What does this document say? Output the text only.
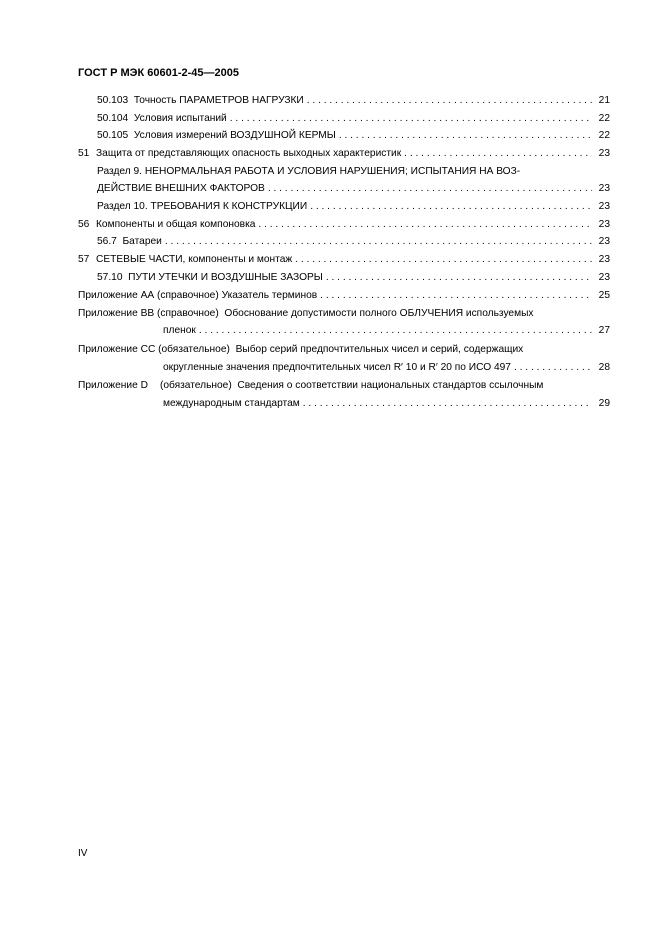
ГОСТ Р МЭК 60601-2-45—2005
50.103 Точность ПАРАМЕТРОВ НАГРУЗКИ . . .	21
50.104 Условия испытаний . . .	22
50.105 Условия измерений ВОЗДУШНОЙ КЕРМЫ . . .	22
51 Защита от представляющих опасность выходных характеристик . . .	23
Раздел 9. НЕНОРМАЛЬНАЯ РАБОТА И УСЛОВИЯ НАРУШЕНИЯ; ИСПЫТАНИЯ НА ВОЗ-
ДЕЙСТВИЕ ВНЕШНИХ ФАКТОРОВ . . .	23
Раздел 10. ТРЕБОВАНИЯ К КОНСТРУКЦИИ . . .	23
56 Компоненты и общая компоновка . . .	23
56.7 Батареи . . .	23
57 СЕТЕВЫЕ ЧАСТИ, компоненты и монтаж . . .	23
57.10 ПУТИ УТЕЧКИ И ВОЗДУШНЫЕ ЗАЗОРЫ . . .	23
Приложение АА (справочное) Указатель терминов . . .	25
Приложение ВВ (справочное) Обоснование допустимости полного ОБЛУЧЕНИЯ используемых
пленок . . .	27
Приложение СС (обязательное) Выбор серий предпочтительных чисел и серий, содержащих
округленные значения предпочтительных чисел R′ 10 и R′ 20 по ИСО 497 . . .	28
Приложение D (обязательное) Сведения о соответствии национальных стандартов ссылочным
международным стандартам . . .	29
IV
